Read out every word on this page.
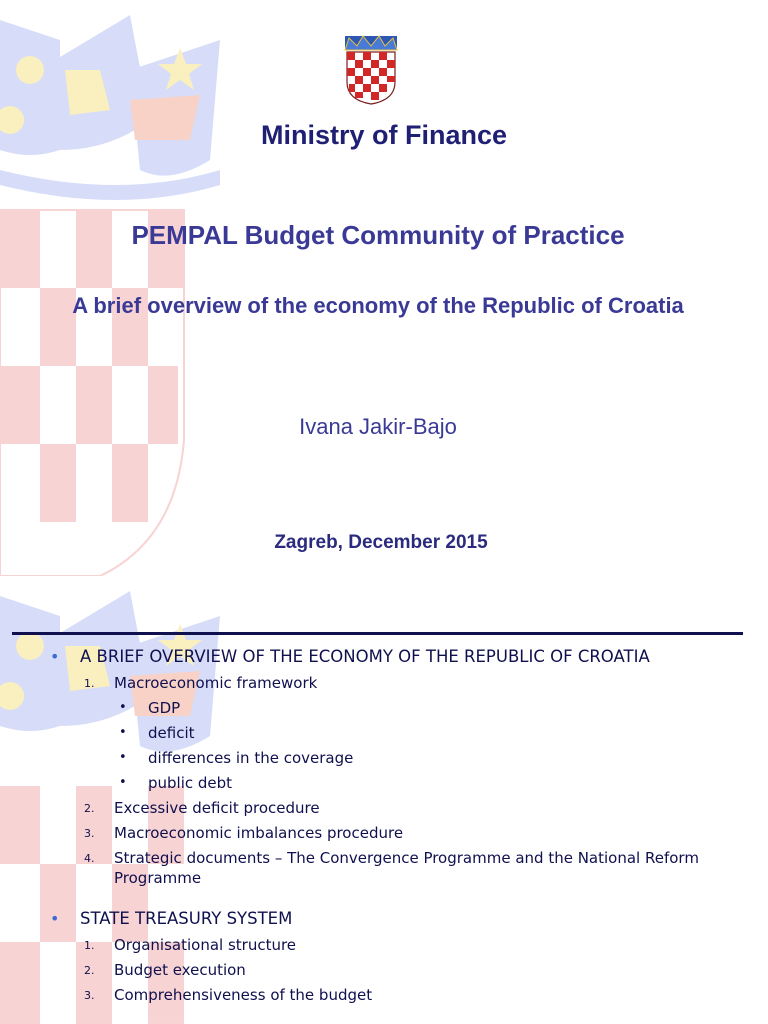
Ministry of Finance
PEMPAL Budget Community of Practice
A brief overview of the economy of the Republic of Croatia
Ivana Jakir-Bajo
Zagreb, December 2015
• A BRIEF OVERVIEW OF THE ECONOMY OF THE REPUBLIC OF CROATIA
1. Macroeconomic framework
• GDP
• deficit
• differences in the coverage
• public debt
2. Excessive deficit procedure
3. Macroeconomic imbalances procedure
4. Strategic documents – The Convergence Programme and the National Reform Programme
• STATE TREASURY SYSTEM
1. Organisational structure
2. Budget execution
3. Comprehensiveness of the budget
